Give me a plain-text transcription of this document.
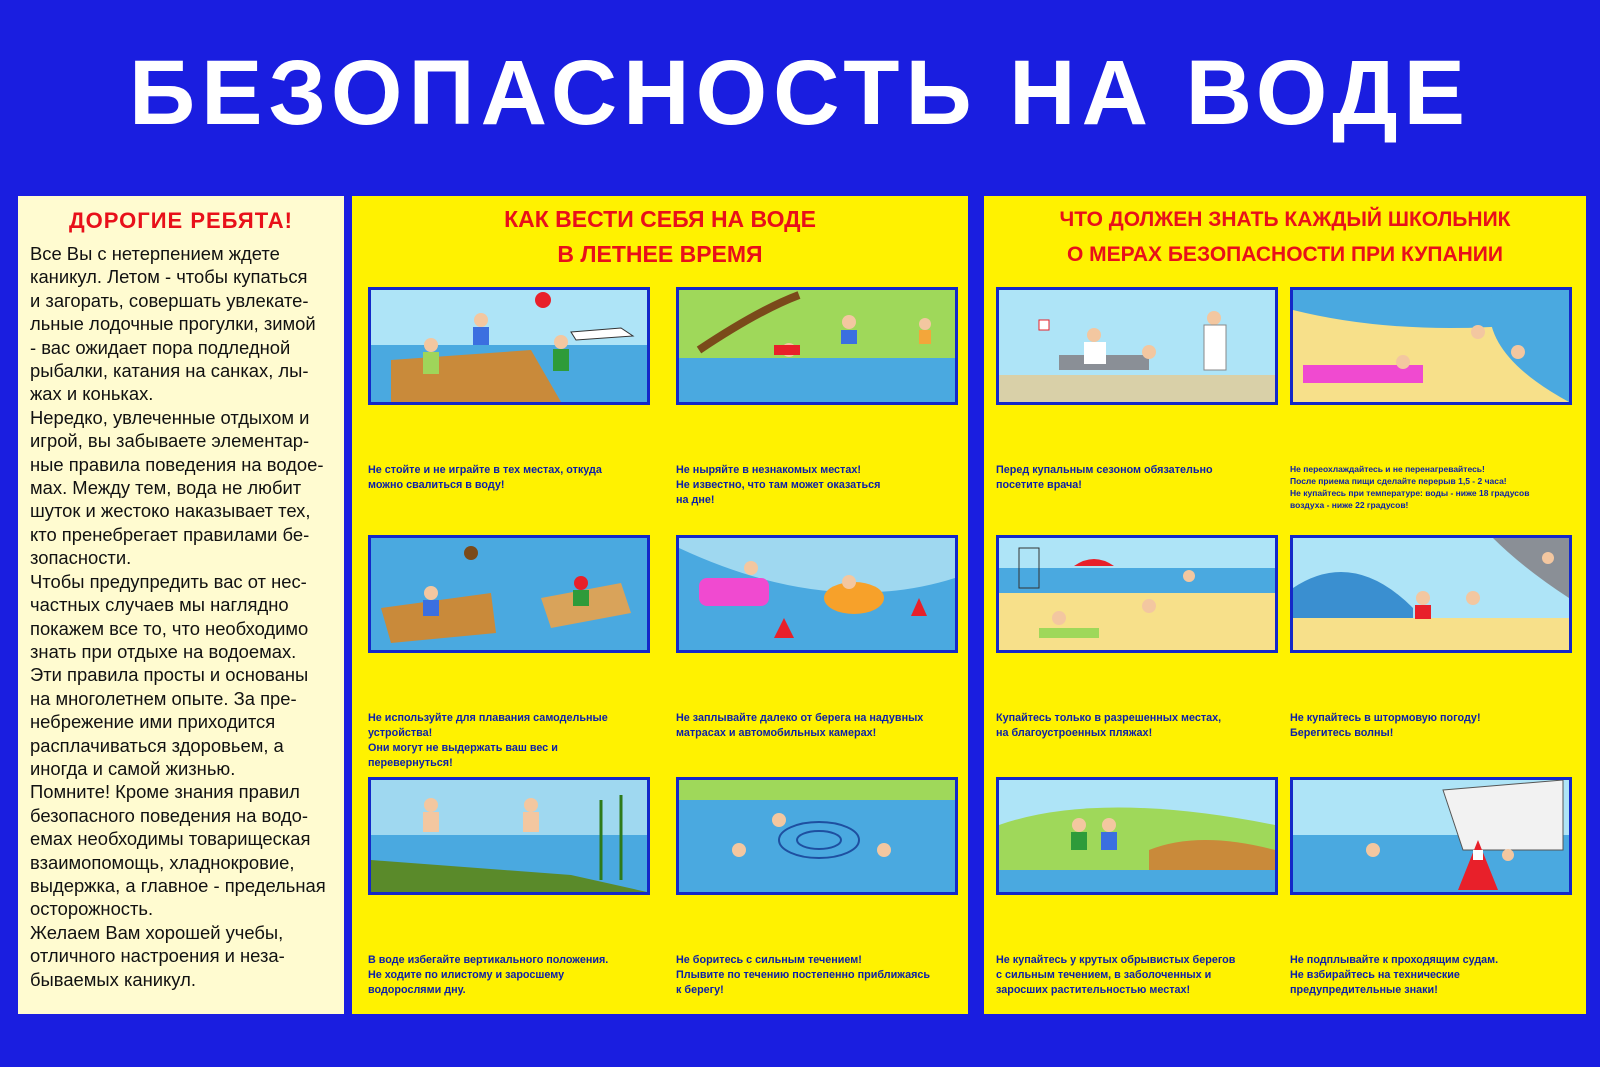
БЕЗОПАСНОСТЬ НА ВОДЕ
ДОРОГИЕ РЕБЯТА!

Все Вы с нетерпением ждете
каникул. Летом - чтобы купаться
и загорать, совершать увлекате-
льные лодочные прогулки, зимой
- вас ожидает пора подледной
рыбалки, катания на санках, лы-
жах и коньках.
Нередко, увлеченные отдыхом и
игрой, вы забываете элементар-
ные правила поведения на водое-
мах. Между тем, вода не любит
шуток и жестоко наказывает тех,
кто пренебрегает правилами бе-
зопасности.
Чтобы предупредить вас от нес-
частных случаев мы наглядно
покажем все то, что необходимо
знать при отдыхе на водоемах.
Эти правила просты и основаны
на многолетнем опыте. За пре-
небрежение ими приходится
расплачиваться здоровьем, а
иногда и самой жизнью.
Помните! Кроме знания правил
безопасного поведения на водо-
емах необходимы товарищеская
взаимопомощь, хладнокровие,
выдержка, а главное - предельная
осторожность.
Желаем Вам хорошей учебы,
отличного настроения и неза-
бываемых каникул.

КАК ВЕСТИ СЕБЯ НА ВОДЕ
В ЛЕТНЕЕ ВРЕМЯ
ЧТО ДОЛЖЕН ЗНАТЬ КАЖДЫЙ ШКОЛЬНИК
О МЕРАХ БЕЗОПАСНОСТИ ПРИ КУПАНИИ
Не стойте и не играйте в тех местах, откуда
можно свалиться в воду!
Не ныряйте в незнакомых местах!
Не известно, что там может оказаться
на дне!
Не используйте для плавания самодельные
устройства!
Они могут не выдержать ваш вес и
перевернуться!
Не заплывайте далеко от берега на надувных
матрасах и автомобильных камерах!
В воде избегайте вертикального положения.
Не ходите по илистому и заросшему
водорослями дну.
Не боритесь с сильным течением!
Плывите по течению постепенно приближаясь
к берегу!
Перед купальным сезоном обязательно
посетите врача!
Не переохлаждайтесь и не перенагревайтесь!
После приема пищи сделайте перерыв 1,5 - 2 часа!
Не купайтесь при температуре: воды - ниже 18 градусов
воздуха - ниже 22 градусов!
Купайтесь только в разрешенных местах,
на благоустроенных пляжах!
Не купайтесь в штормовую погоду!
Берегитесь волны!
Не купайтесь у крутых обрывистых берегов
с сильным течением, в заболоченных и
заросших растительностью местах!
Не подплывайте к проходящим судам.
Не взбирайтесь на технические
предупредительные знаки!
